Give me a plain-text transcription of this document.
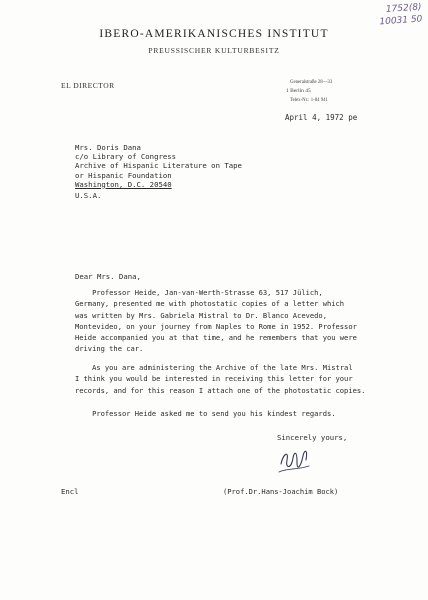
1752(8)
10031 50
IBERO-AMERIKANISCHES INSTITUT
PREUSSISCHER KULTURBESITZ
EL DIRECTOR	Generalstraße 28—33
1 Berlin 45
Telex-Nr.: 1-84 941
April 4, 1972 pe
Mrs. Doris Dana
c/o Library of Congress
Archive of Hispanic Literature on Tape
or Hispanic Foundation
Washington, D.C. 20540
U.S.A.
Dear Mrs. Dana,
Professor Heide, Jan-van-Werth-Strasse 63, 517 Jülich,
Germany, presented me with photostatic copies of a letter which
was written by Mrs. Gabriela Mistral to Dr. Blanco Acevedo,
Montevideo, on your journey from Naples to Rome in 1952. Professor
Heide accompanied you at that time, and he remembers that you were
driving the car.
As you are administering the Archive of the late Mrs. Mistral
I think you would be interested in receiving this letter for your
records, and for this reason I attach one of the photostatic copies.
Professor Heide asked me to send you his kindest regards.
Sincerely yours,
Encl	(Prof.Dr.Hans-Joachim Bock)
